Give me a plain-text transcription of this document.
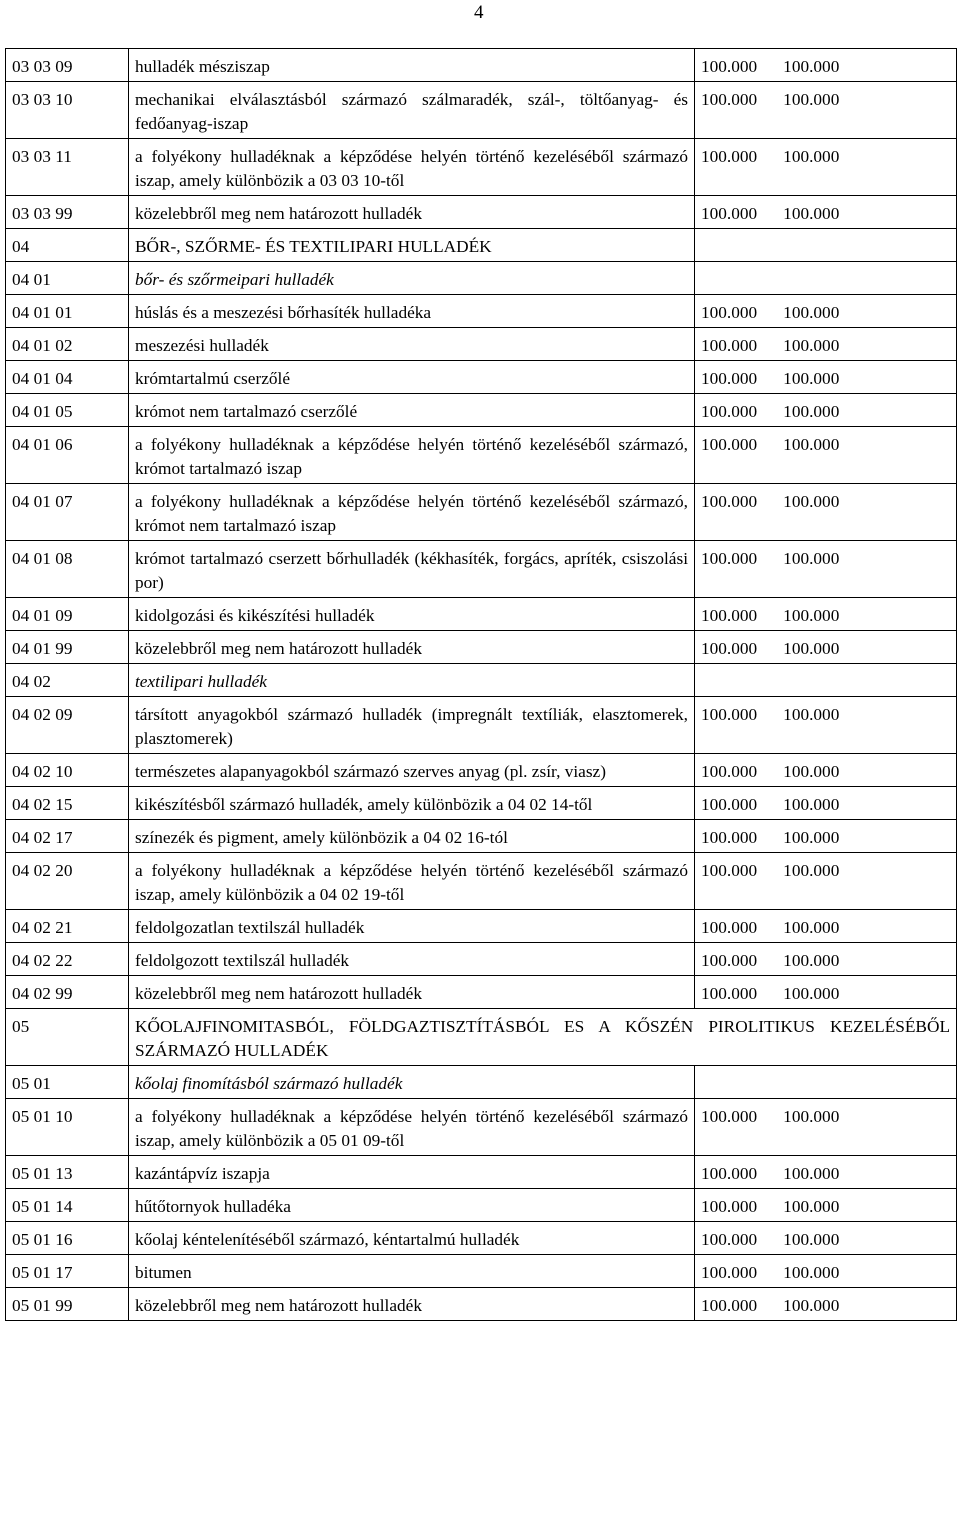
4
03 03 09	hulladék mésziszap	100.000 100.000
03 03 10	mechanikai elválasztásból származó szálmaradék, szál-, töltőanyag- és fedőanyag-iszap	100.000 100.000
03 03 11	a folyékony hulladéknak a képződése helyén történő kezeléséből származó iszap, amely különbözik a 03 03 10-től	100.000 100.000
03 03 99	közelebbről meg nem határozott hulladék	100.000 100.000
04	BŐR-, SZŐRME- ÉS TEXTILIPARI HULLADÉK	
04 01	bőr- és szőrmeipari hulladék	
04 01 01	húslás és a meszezési bőrhasíték hulladéka	100.000 100.000
04 01 02	meszezési hulladék	100.000 100.000
04 01 04	krómtartalmú cserzőlé	100.000 100.000
04 01 05	krómot nem tartalmazó cserzőlé	100.000 100.000
04 01 06	a folyékony hulladéknak a képződése helyén történő kezeléséből származó, krómot tartalmazó iszap	100.000 100.000
04 01 07	a folyékony hulladéknak a képződése helyén történő kezeléséből származó, krómot nem tartalmazó iszap	100.000 100.000
04 01 08	krómot tartalmazó cserzett bőrhulladék (kékhasíték, forgács, apríték, csiszolási por)	100.000 100.000
04 01 09	kidolgozási és kikészítési hulladék	100.000 100.000
04 01 99	közelebbről meg nem határozott hulladék	100.000 100.000
04 02	textilipari hulladék	
04 02 09	társított anyagokból származó hulladék (impregnált textíliák, elasztomerek, plasztomerek)	100.000 100.000
04 02 10	természetes alapanyagokból származó szerves anyag (pl. zsír, viasz)	100.000 100.000
04 02 15	kikészítésből származó hulladék, amely különbözik a 04 02 14-től	100.000 100.000
04 02 17	színezék és pigment, amely különbözik a 04 02 16-tól	100.000 100.000
04 02 20	a folyékony hulladéknak a képződése helyén történő kezeléséből származó iszap, amely különbözik a 04 02 19-től	100.000 100.000
04 02 21	feldolgozatlan textilszál hulladék	100.000 100.000
04 02 22	feldolgozott textilszál hulladék	100.000 100.000
04 02 99	közelebbről meg nem határozott hulladék	100.000 100.000
05	KŐOLAJFINOMITASBÓL, FÖLDGAZTISZTÍTÁSBÓL ES A KŐSZÉN PIROLITIKUS KEZELÉSÉBŐL SZÁRMAZÓ HULLADÉK	
05 01	kőolaj finomításból származó hulladék	
05 01 10	a folyékony hulladéknak a képződése helyén történő kezeléséből származó iszap, amely különbözik a 05 01 09-től	100.000 100.000
05 01 13	kazántápvíz iszapja	100.000 100.000
05 01 14	hűtőtornyok hulladéka	100.000 100.000
05 01 16	kőolaj kéntelenítéséből származó, kéntartalmú hulladék	100.000 100.000
05 01 17	bitumen	100.000 100.000
05 01 99	közelebbről meg nem határozott hulladék	100.000 100.000
